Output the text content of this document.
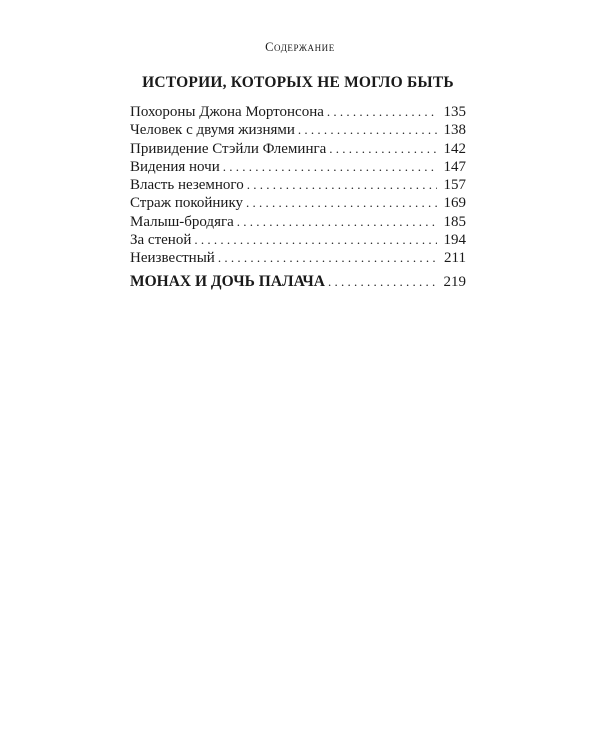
Содержание
ИСТОРИИ, КОТОРЫХ НЕ МОГЛО БЫТЬ
Похороны Джона Мортонсона . . .	135
Человек с двумя жизнями . . .	138
Привидение Стэйли Флеминга . . .	142
Видения ночи . . .	147
Власть неземного . . .	157
Страж покойнику . . .	169
Малыш-бродяга . . .	185
За стеной . . .	194
Неизвестный . . .	211
МОНАХ И ДОЧЬ ПАЛАЧА . . .	219
